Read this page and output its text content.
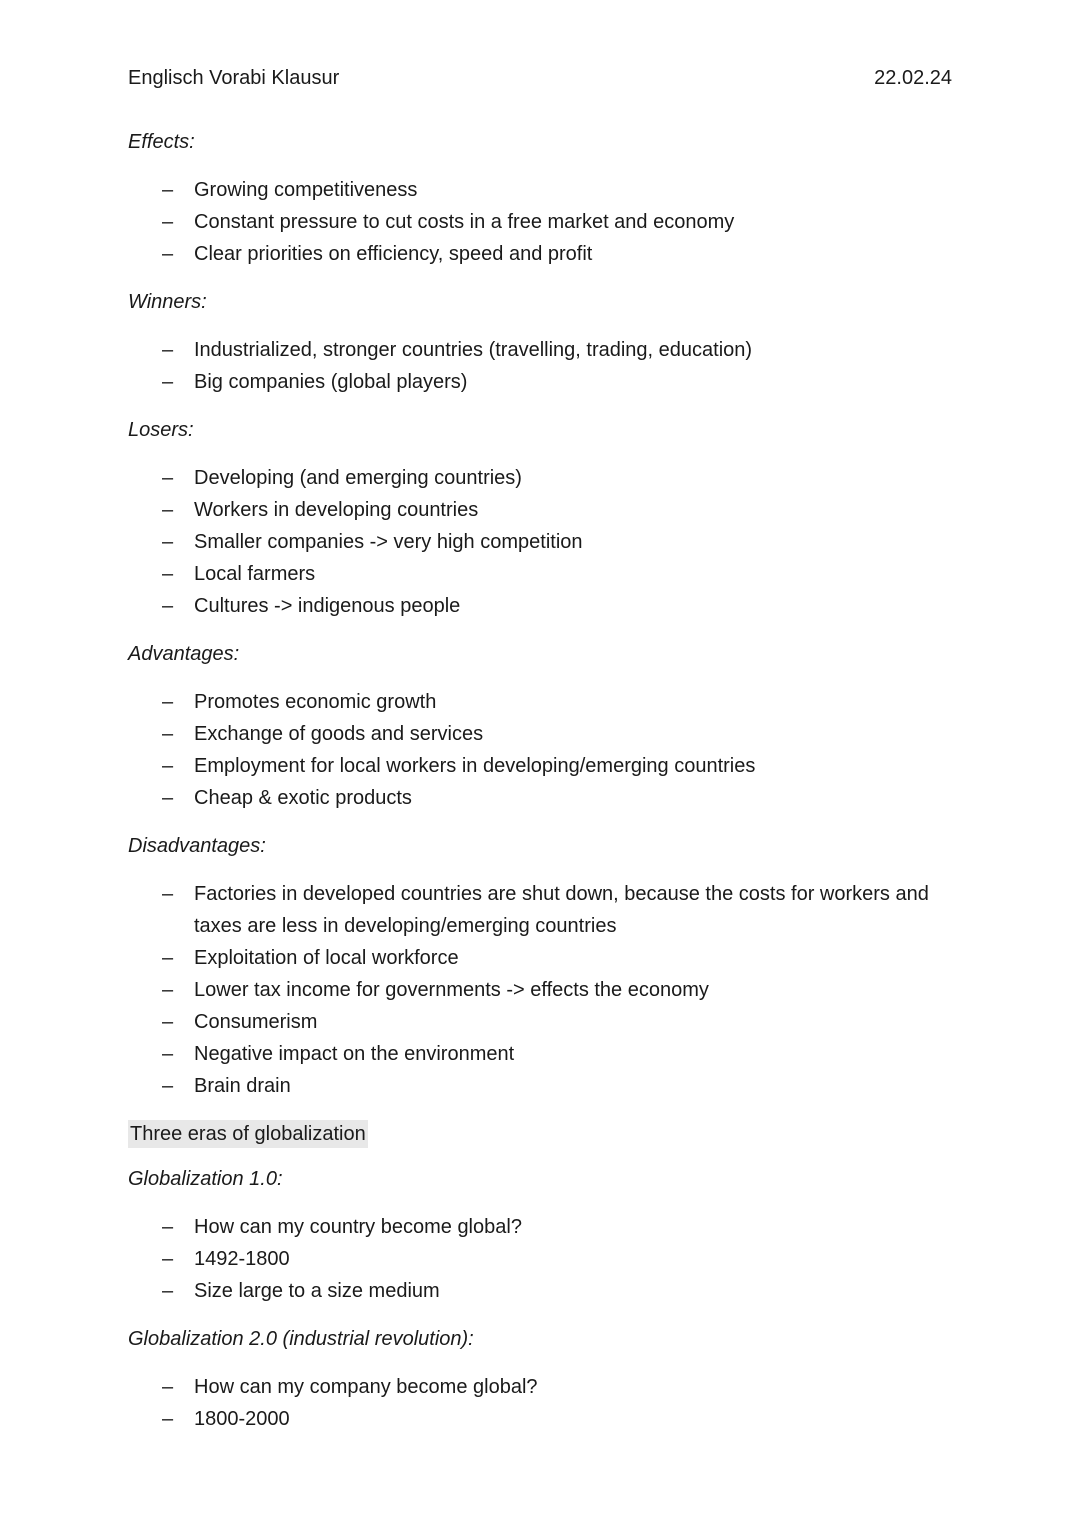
Englisch Vorabi Klausur	22.02.24
Effects:
– Growing competitiveness
– Constant pressure to cut costs in a free market and economy
– Clear priorities on efficiency, speed and profit
Winners:
– Industrialized, stronger countries (travelling, trading, education)
– Big companies (global players)
Losers:
– Developing (and emerging countries)
– Workers in developing countries
– Smaller companies -> very high competition
– Local farmers
– Cultures -> indigenous people
Advantages:
– Promotes economic growth
– Exchange of goods and services
– Employment for local workers in developing/emerging countries
– Cheap & exotic products
Disadvantages:
– Factories in developed countries are shut down, because the costs for workers and taxes are less in developing/emerging countries
– Exploitation of local workforce
– Lower tax income for governments -> effects the economy
– Consumerism
– Negative impact on the environment
– Brain drain
Three eras of globalization
Globalization 1.0:
– How can my country become global?
– 1492-1800
– Size large to a size medium
Globalization 2.0 (industrial revolution):
– How can my company become global?
– 1800-2000
